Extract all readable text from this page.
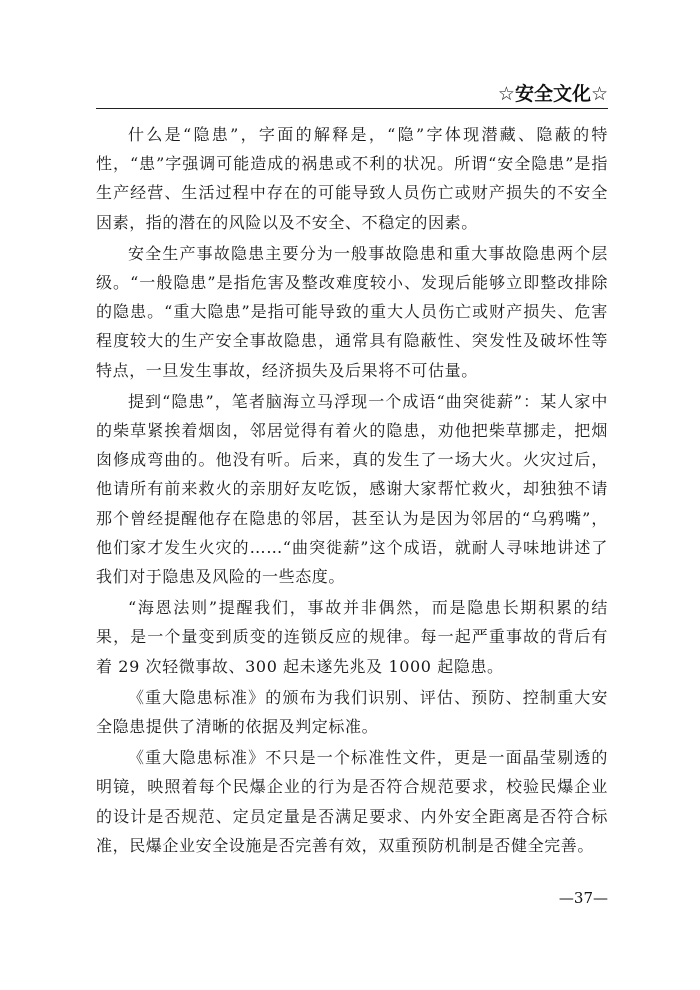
☆安全文化☆

什么是“隐患”，字面的解释是，“隐”字体现潜藏、隐蔽的特性，“患”字强调可能造成的祸患或不利的状况。所谓“安全隐患”是指生产经营、生活过程中存在的可能导致人员伤亡或财产损失的不安全因素，指的潜在的风险以及不安全、不稳定的因素。

安全生产事故隐患主要分为一般事故隐患和重大事故隐患两个层级。“一般隐患”是指危害及整改难度较小、发现后能够立即整改排除的隐患。“重大隐患”是指可能导致的重大人员伤亡或财产损失、危害程度较大的生产安全事故隐患，通常具有隐蔽性、突发性及破坏性等特点，一旦发生事故，经济损失及后果将不可估量。

提到“隐患”，笔者脑海立马浮现一个成语“曲突徙薪”：某人家中的柴草紧挨着烟囱，邻居觉得有着火的隐患，劝他把柴草挪走，把烟囱修成弯曲的。他没有听。后来，真的发生了一场大火。火灾过后，他请所有前来救火的亲朋好友吃饭，感谢大家帮忙救火，却独独不请那个曾经提醒他存在隐患的邻居，甚至认为是因为邻居的“乌鸦嘴”，他们家才发生火灾的……“曲突徙薪”这个成语，就耐人寻味地讲述了我们对于隐患及风险的一些态度。

“海恩法则”提醒我们，事故并非偶然，而是隐患长期积累的结果，是一个量变到质变的连锁反应的规律。每一起严重事故的背后有着 29 次轻微事故、300 起未遂先兆及 1000 起隐患。

《重大隐患标准》的颁布为我们识别、评估、预防、控制重大安全隐患提供了清晰的依据及判定标准。

《重大隐患标准》不只是一个标准性文件，更是一面晶莹剔透的明镜，映照着每个民爆企业的行为是否符合规范要求，校验民爆企业的设计是否规范、定员定量是否满足要求、内外安全距离是否符合标准，民爆企业安全设施是否完善有效，双重预防机制是否健全完善。

—37—
